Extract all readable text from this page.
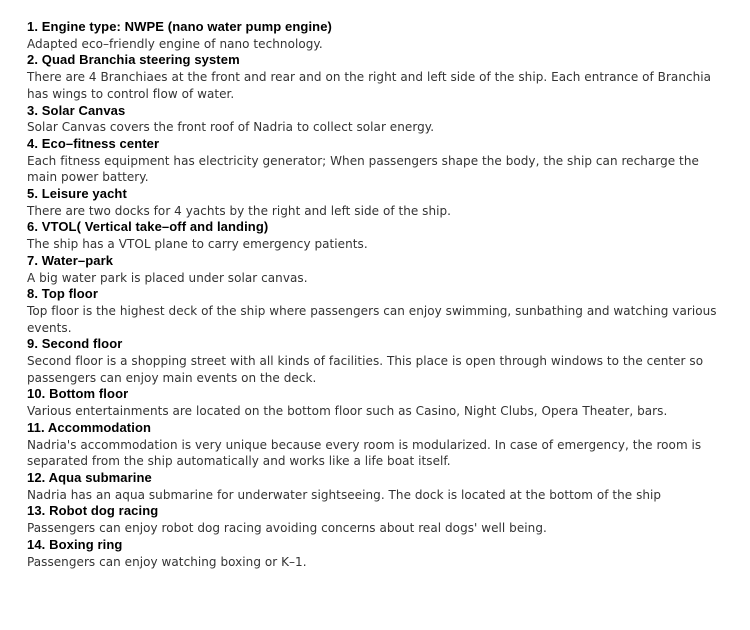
1. Engine type: NWPE (nano water pump engine)
Adapted eco–friendly engine of nano technology.
2. Quad Branchia steering system
There are 4 Branchiaes at the front and rear and on the right and left side of the ship. Each entrance of Branchia has wings to control flow of water.
3. Solar Canvas
Solar Canvas covers the front roof of Nadria to collect solar energy.
4. Eco–fitness center
Each fitness equipment has electricity generator; When passengers shape the body, the ship can recharge the main power battery.
5. Leisure yacht
There are two docks for 4 yachts by the right and left side of the ship.
6. VTOL( Vertical take–off and landing)
The ship has a VTOL plane to carry emergency patients.
7. Water–park
A big water park is placed under solar canvas.
8. Top floor
Top floor is the highest deck of the ship where passengers can enjoy swimming, sunbathing and watching various events.
9. Second floor
Second floor is a shopping street with all kinds of facilities. This place is open through windows to the center so passengers can enjoy main events on the deck.
10. Bottom floor
Various entertainments are located on the bottom floor such as Casino, Night Clubs, Opera Theater, bars.
11. Accommodation
Nadria's accommodation is very unique because every room is modularized. In case of emergency, the room is separated from the ship automatically and works like a life boat itself.
12. Aqua submarine
Nadria has an aqua submarine for underwater sightseeing. The dock is located at the bottom of the ship
13. Robot dog racing
Passengers can enjoy robot dog racing avoiding concerns about real dogs' well being.
14. Boxing ring
Passengers can enjoy watching boxing or K–1.
